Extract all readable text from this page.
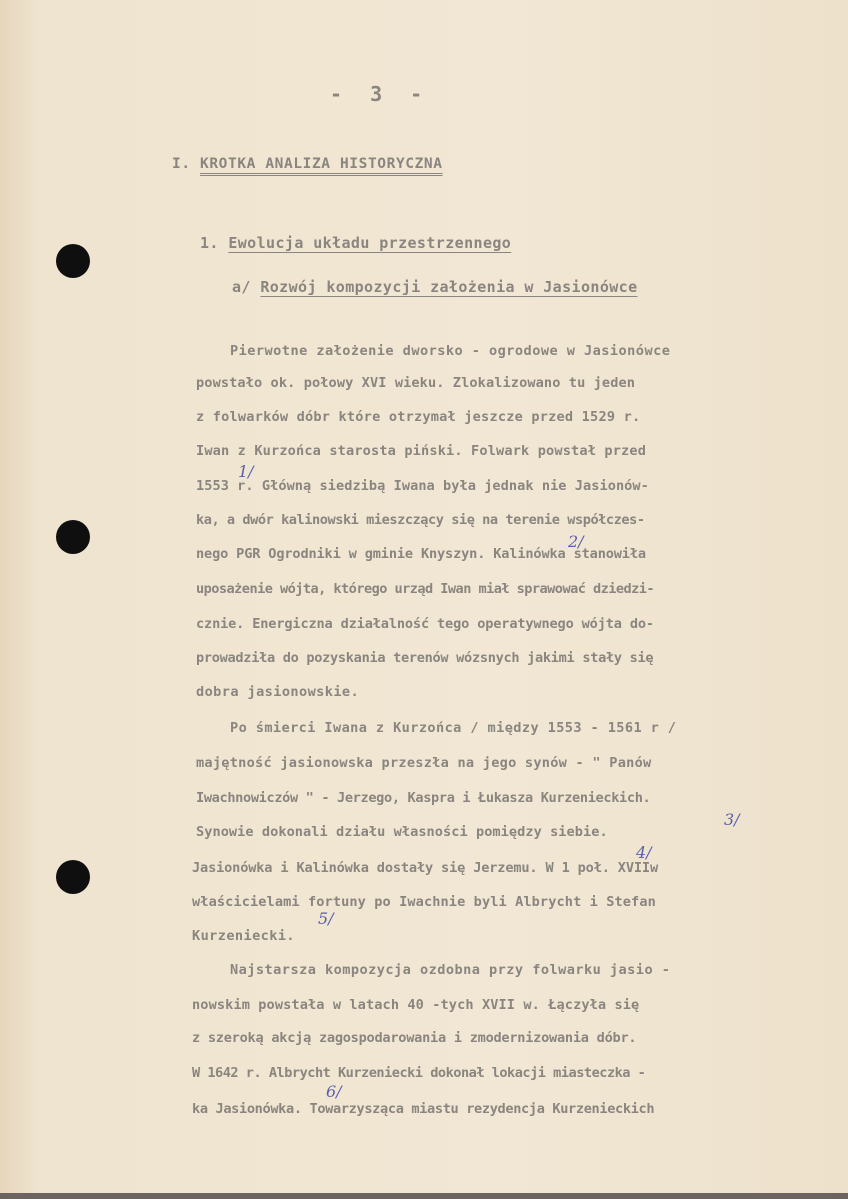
- 3 -
I. KROTKA ANALIZA HISTORYCZNA
1. Ewolucja układu przestrzennego
a/ Rozwój kompozycji założenia w Jasionówce
Pierwotne założenie dworsko - ogrodowe w Jasionówce
powstało ok. połowy XVI wieku. Zlokalizowano tu jeden
z folwarków dóbr które otrzymał jeszcze przed 1529 r.
Iwan z Kurzońca starosta piński. Folwark powstał przed
1553 r. Główną siedzibą Iwana była jednak nie Jasionów-
ka, a dwór kalinowski mieszczący się na terenie współczes-
nego PGR Ogrodniki w gminie Knyszyn. Kalinówka stanowiła
uposażenie wójta, którego urząd Iwan miał sprawować dziedzi-
cznie. Energiczna działalność tego operatywnego wójta do-
prowadziła do pozyskania terenów wózsnych jakimi stały się
dobra jasionowskie.
Po śmierci Iwana z Kurzońca / między 1553 - 1561 r /
majętność jasionowska przeszła na jego synów - " Panów
Iwachnowiczów " - Jerzego, Kaspra i Łukasza Kurzenieckich.
Synowie dokonali działu własności pomiędzy siebie.
Jasionówka i Kalinówka dostały się Jerzemu. W 1 poł. XVIIw
właścicielami fortuny po Iwachnie byli Albrycht i Stefan
Kurzeniecki.
Najstarsza kompozycja ozdobna przy folwarku jasio -
nowskim powstała w latach 40 -tych XVII w. Łączyła się
z szeroką akcją zagospodarowania i zmodernizowania dóbr.
W 1642 r. Albrycht Kurzeniecki dokonał lokacji miasteczka -
ka Jasionówka. Towarzysząca miastu rezydencja Kurzenieckich
1/
2/
3/
4/
5/
6/
